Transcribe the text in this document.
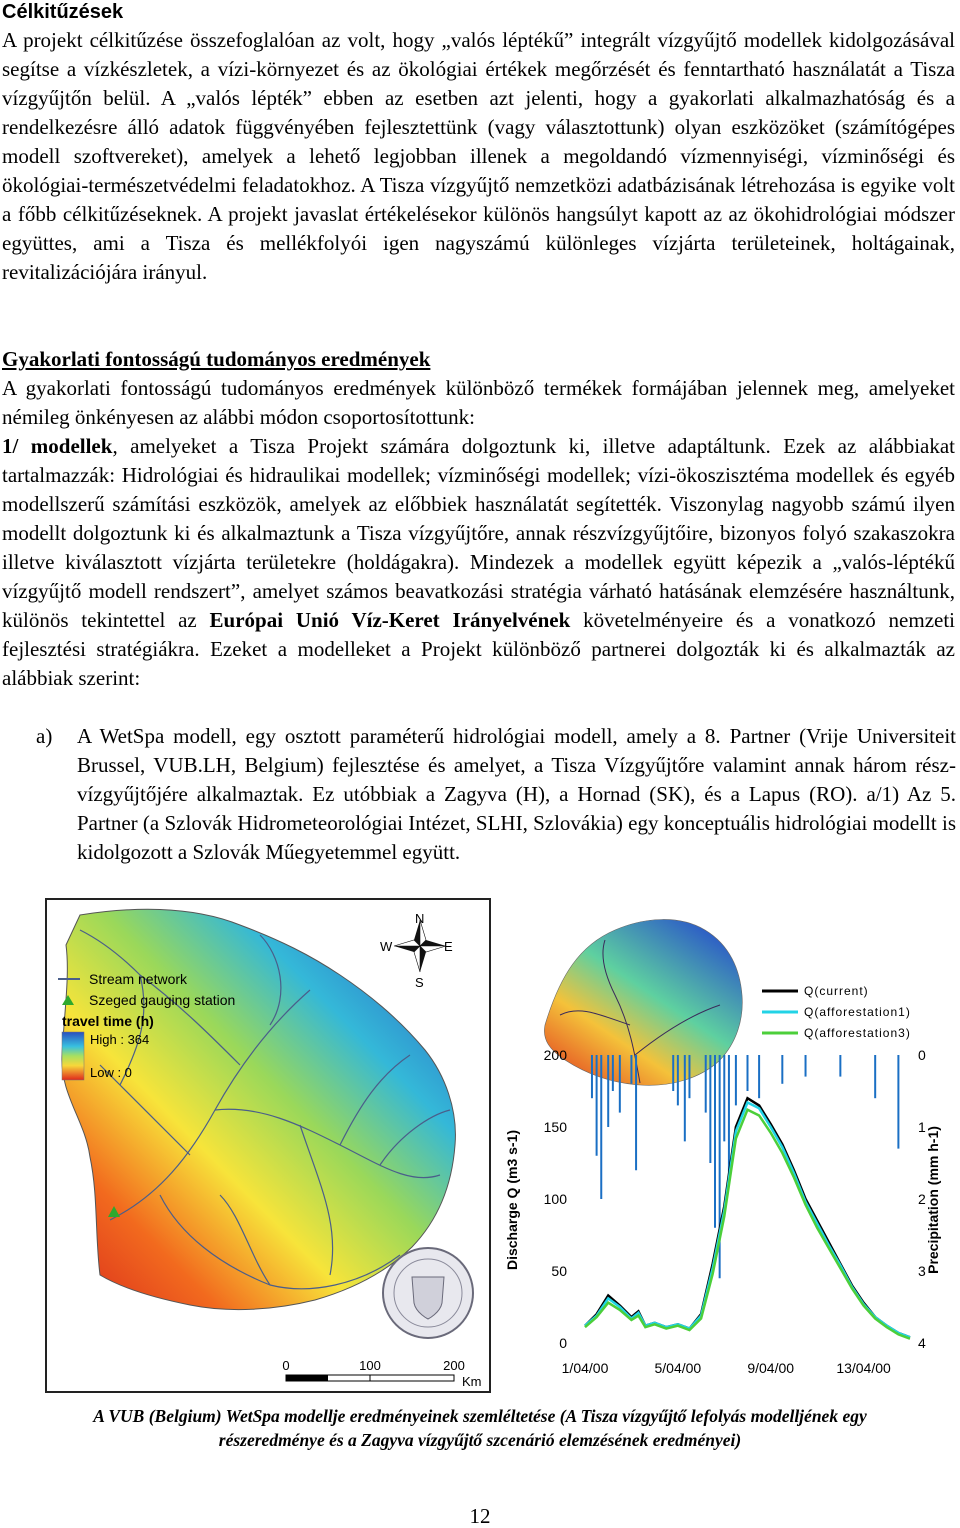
Célkitűzések

A projekt célkitűzése összefoglalóan az volt, hogy „valós léptékű” integrált vízgyűjtő modellek kidolgozásával segítse a vízkészletek, a vízi-környezet és az ökológiai értékek megőrzését és fenntartható használatát a Tisza vízgyűjtőn belül. A „valós lépték” ebben az esetben azt jelenti, hogy a gyakorlati alkalmazhatóság és a rendelkezésre álló adatok függvényében fejlesztettünk (vagy választottunk) olyan eszközöket (számítógépes modell szoftvereket), amelyek a lehető legjobban illenek a megoldandó vízmennyiségi, vízminőségi és ökológiai-természetvédelmi feladatokhoz. A Tisza vízgyűjtő nemzetközi adatbázisának létrehozása is egyike volt a főbb célkitűzéseknek. A projekt javaslat értékelésekor különös hangsúlyt kapott az az ökohidrológiai módszer együttes, ami a Tisza és mellékfolyói igen nagyszámú különleges vízjárta területeinek, holtágainak, revitalizációjára irányul.

Gyakorlati fontosságú tudományos eredmények

A gyakorlati fontosságú tudományos eredmények különböző termékek formájában jelennek meg, amelyeket némileg önkényesen az alábbi módon csoportosítottunk:

1/ modellek, amelyeket a Tisza Projekt számára dolgoztunk ki, illetve adaptáltunk. Ezek az alábbiakat tartalmazzák: Hidrológiai és hidraulikai modellek; vízminőségi modellek; vízi-ökoszisztéma modellek és egyéb modellszerű számítási eszközök, amelyek az előbbiek használatát segítették. Viszonylag nagyobb számú ilyen modellt dolgoztunk ki és alkalmaztunk a Tisza vízgyűjtőre, annak részvízgyűjtőire, bizonyos folyó szakaszokra illetve kiválasztott vízjárta területekre (holdágakra). Mindezek a modellek együtt képezik a „valós-léptékű vízgyűjtő modell rendszert”, amelyet számos beavatkozási stratégia várható hatásának elemzésére használtunk, különös tekintettel az Európai Unió Víz-Keret Irányelvének követelményeire és a vonatkozó nemzeti fejlesztési stratégiákra. Ezeket a modelleket a Projekt különböző partnerei dolgozták ki és alkalmazták az alábbiak szerint:

a) A WetSpa modell, egy osztott paraméterű hidrológiai modell, amely a 8. Partner (Vrije Universiteit Brussel, VUB.LH, Belgium) fejlesztése és amelyet, a Tisza Vízgyűjtőre valamint annak három rész-vízgyűjtőjére alkalmaztak. Ez utóbbiak a Zagyva (H), a Hornad (SK), és a Lapus (RO). a/1) Az 5. Partner (a Szlovák Hidrometeorológiai Intézet, SLHI, Szlovákia) egy konceptuális hidrológiai modellt is kidolgozott a Szlovák Műegyetemmel együtt.

N
S
E
W
Stream network
Szeged gauging station
travel time (h)
High : 364
Low : 0
0	100	200
Km
0
50
100
150
200	0
1
2
3
4
1/04/00	5/04/00	9/04/00	13/04/00
Discharge Q (m3 s-1)	Precipitation (mm h-1)
Q(current)
Q(afforestation1)
Q(afforestation3)

A VUB (Belgium) WetSpa modellje eredményeinek szemléltetése (A Tisza vízgyűjtő lefolyás modelljének egy
részeredménye és a Zagyva vízgyűjtő szcenárió elemzésének eredményei)

12
